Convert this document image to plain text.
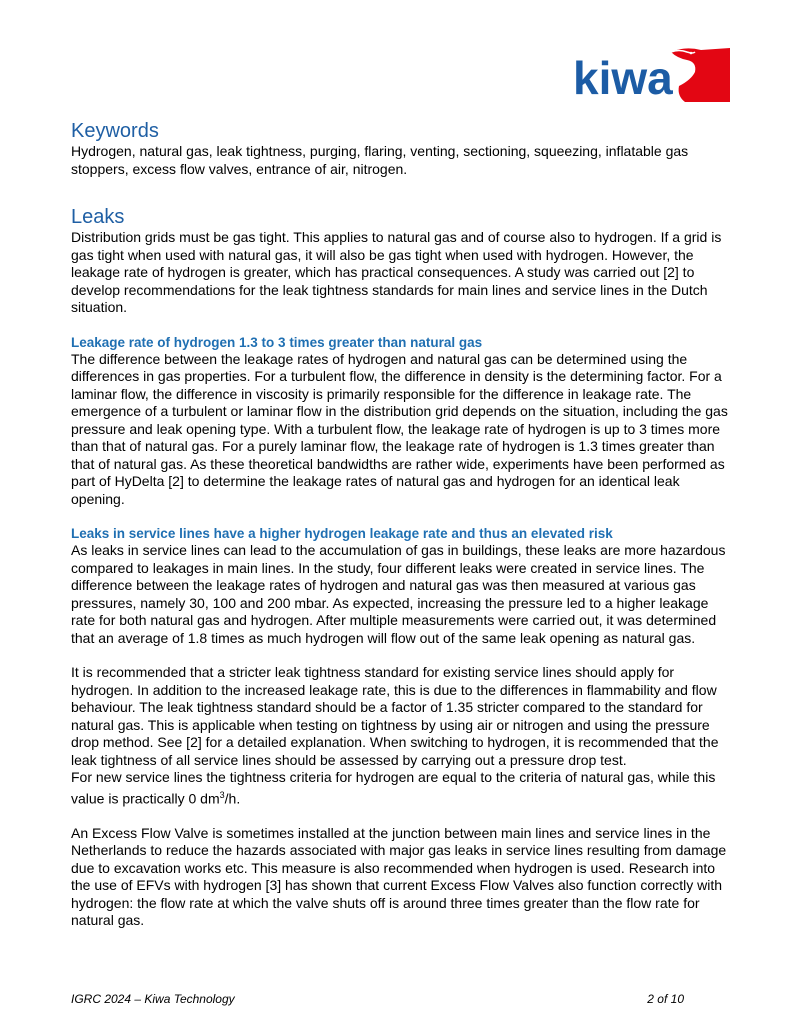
kiwa
Keywords

Hydrogen, natural gas, leak tightness, purging, flaring, venting, sectioning, squeezing, inflatable gas stoppers, excess flow valves, entrance of air, nitrogen.

Leaks

Distribution grids must be gas tight. This applies to natural gas and of course also to hydrogen. If a grid is gas tight when used with natural gas, it will also be gas tight when used with hydrogen. However, the leakage rate of hydrogen is greater, which has practical consequences. A study was carried out [2] to develop recommendations for the leak tightness standards for main lines and service lines in the Dutch situation.

Leakage rate of hydrogen 1.3 to 3 times greater than natural gas

The difference between the leakage rates of hydrogen and natural gas can be determined using the differences in gas properties. For a turbulent flow, the difference in density is the determining factor. For a laminar flow, the difference in viscosity is primarily responsible for the difference in leakage rate. The emergence of a turbulent or laminar flow in the distribution grid depends on the situation, including the gas pressure and leak opening type. With a turbulent flow, the leakage rate of hydrogen is up to 3 times more than that of natural gas. For a purely laminar flow, the leakage rate of hydrogen is 1.3 times greater than that of natural gas. As these theoretical bandwidths are rather wide, experiments have been performed as part of HyDelta [2] to determine the leakage rates of natural gas and hydrogen for an identical leak opening.

Leaks in service lines have a higher hydrogen leakage rate and thus an elevated risk

As leaks in service lines can lead to the accumulation of gas in buildings, these leaks are more hazardous compared to leakages in main lines. In the study, four different leaks were created in service lines. The difference between the leakage rates of hydrogen and natural gas was then measured at various gas pressures, namely 30, 100 and 200 mbar. As expected, increasing the pressure led to a higher leakage rate for both natural gas and hydrogen. After multiple measurements were carried out, it was determined that an average of 1.8 times as much hydrogen will flow out of the same leak opening as natural gas.

It is recommended that a stricter leak tightness standard for existing service lines should apply for hydrogen. In addition to the increased leakage rate, this is due to the differences in flammability and flow behaviour. The leak tightness standard should be a factor of 1.35 stricter compared to the standard for natural gas. This is applicable when testing on tightness by using air or nitrogen and using the pressure drop method. See [2] for a detailed explanation. When switching to hydrogen, it is recommended that the leak tightness of all service lines should be assessed by carrying out a pressure drop test.

For new service lines the tightness criteria for hydrogen are equal to the criteria of natural gas, while this value is practically 0 $dm^3/h$.

An Excess Flow Valve is sometimes installed at the junction between main lines and service lines in the Netherlands to reduce the hazards associated with major gas leaks in service lines resulting from damage due to excavation works etc. This measure is also recommended when hydrogen is used. Research into the use of EFVs with hydrogen [3] has shown that current Excess Flow Valves also function correctly with hydrogen: the flow rate at which the valve shuts off is around three times greater than the flow rate for natural gas.

IGRC 2024 – Kiwa Technology	2 of 10
